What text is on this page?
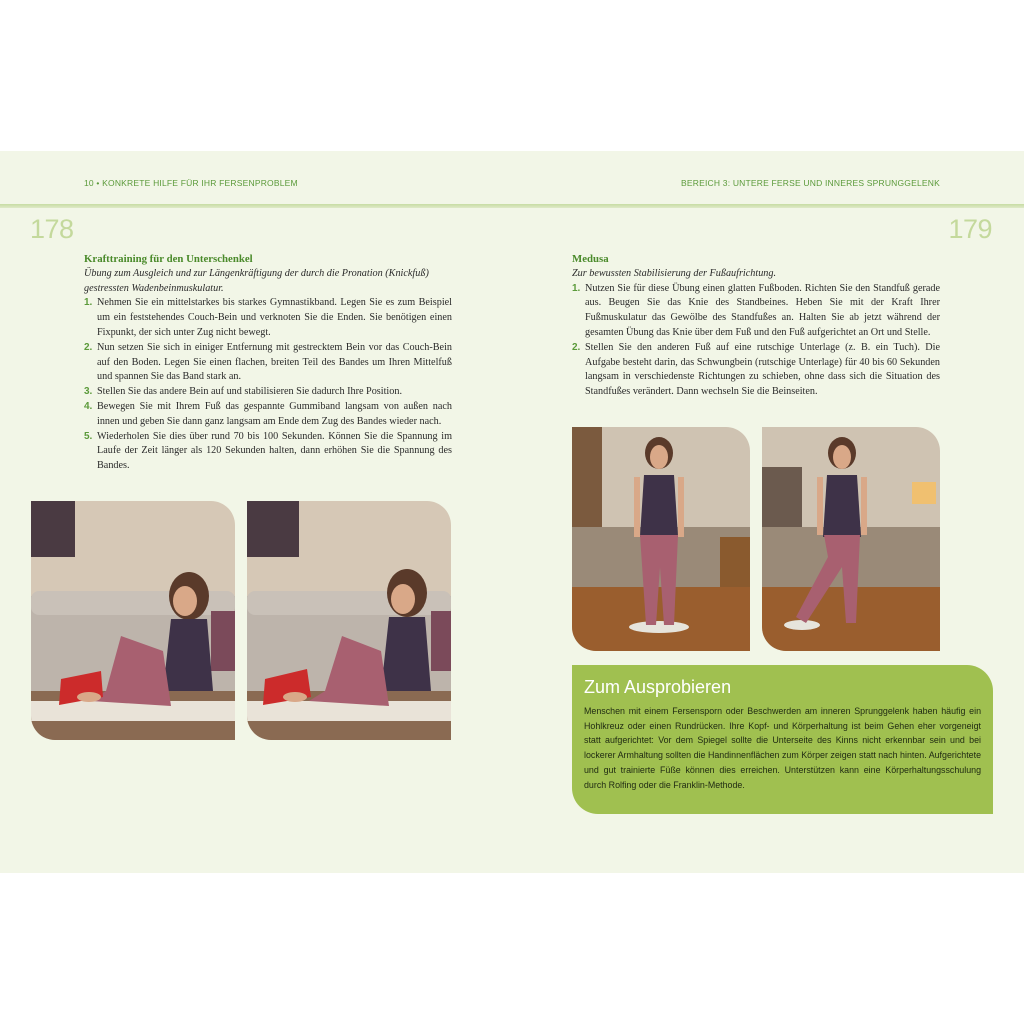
10 • KONKRETE HILFE FÜR IHR FERSENPROBLEM	BEREICH 3: UNTERE FERSE UND INNERES SPRUNGGELENK
178	179
Krafttraining für den Unterschenkel
Übung zum Ausgleich und zur Längenkräftigung der durch die Pronation (Knickfuß) gestressten Wadenbeinmuskulatur.
1. Nehmen Sie ein mittelstarkes bis starkes Gymnastikband. Legen Sie es zum Beispiel um ein feststehendes Couch-Bein und verknoten Sie die Enden. Sie benötigen einen Fixpunkt, der sich unter Zug nicht bewegt.
2. Nun setzen Sie sich in einiger Entfernung mit gestrecktem Bein vor das Couch-Bein auf den Boden. Legen Sie einen flachen, breiten Teil des Bandes um Ihren Mittelfuß und spannen Sie das Band stark an.
3. Stellen Sie das andere Bein auf und stabilisieren Sie dadurch Ihre Position.
4. Bewegen Sie mit Ihrem Fuß das gespannte Gummiband langsam von außen nach innen und geben Sie dann ganz langsam am Ende dem Zug des Bandes wieder nach.
5. Wiederholen Sie dies über rund 70 bis 100 Sekunden. Können Sie die Spannung im Laufe der Zeit länger als 120 Sekunden halten, dann erhöhen Sie die Spannung des Bandes.
Medusa
Zur bewussten Stabilisierung der Fußaufrichtung.
1. Nutzen Sie für diese Übung einen glatten Fußboden. Richten Sie den Standfuß gerade aus. Beugen Sie das Knie des Standbeines. Heben Sie mit der Kraft Ihrer Fußmuskulatur das Gewölbe des Standfußes an. Halten Sie ab jetzt während der gesamten Übung das Knie über dem Fuß und den Fuß aufgerichtet an Ort und Stelle.
2. Stellen Sie den anderen Fuß auf eine rutschige Unterlage (z. B. ein Tuch). Die Aufgabe besteht darin, das Schwungbein (rutschige Unterlage) für 40 bis 60 Sekunden langsam in verschiedenste Richtungen zu schieben, ohne dass sich die Situation des Standfußes verändert. Dann wechseln Sie die Beinseiten.
Zum Ausprobieren
Menschen mit einem Fersensporn oder Beschwerden am inneren Sprunggelenk haben häufig ein Hohlkreuz oder einen Rundrücken. Ihre Kopf- und Körperhaltung ist beim Gehen eher vorgeneigt statt aufgerichtet: Vor dem Spiegel sollte die Unterseite des Kinns nicht erkennbar sein und bei lockerer Armhaltung sollten die Handinnenflächen zum Körper zeigen statt nach hinten. Aufgerichtete und gut trainierte Füße können dies erreichen. Unterstützen kann eine Körperhaltungsschulung durch Rolfing oder die Franklin-Methode.
